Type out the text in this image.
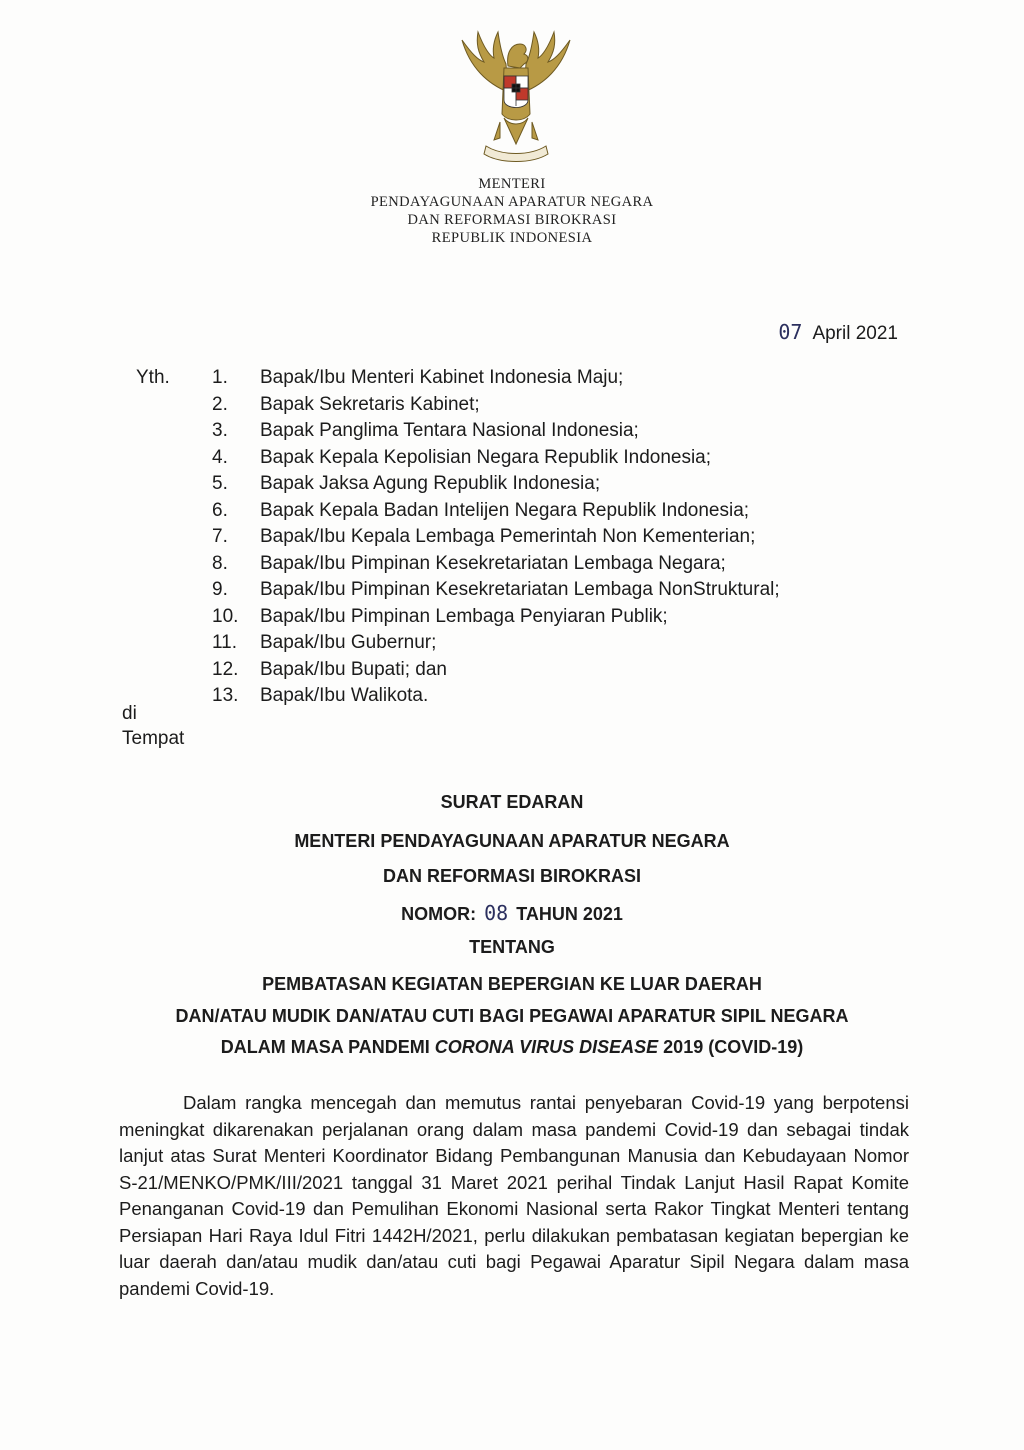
MENTERI
PENDAYAGUNAAN APARATUR NEGARA
DAN REFORMASI BIROKRASI
REPUBLIK INDONESIA
07 April 2021
Yth. 1.	Bapak/Ibu Menteri Kabinet Indonesia Maju;
2.	Bapak Sekretaris Kabinet;
3.	Bapak Panglima Tentara Nasional Indonesia;
4.	Bapak Kepala Kepolisian Negara Republik Indonesia;
5.	Bapak Jaksa Agung Republik Indonesia;
6.	Bapak Kepala Badan Intelijen Negara Republik Indonesia;
7.	Bapak/Ibu Kepala Lembaga Pemerintah Non Kementerian;
8.	Bapak/Ibu Pimpinan Kesekretariatan Lembaga Negara;
9.	Bapak/Ibu Pimpinan Kesekretariatan Lembaga NonStruktural;
10.	Bapak/Ibu Pimpinan Lembaga Penyiaran Publik;
11.	Bapak/Ibu Gubernur;
12.	Bapak/Ibu Bupati; dan
13.	Bapak/Ibu Walikota.
di
Tempat
SURAT EDARAN
MENTERI PENDAYAGUNAAN APARATUR NEGARA
DAN REFORMASI BIROKRASI
NOMOR: 08 TAHUN 2021
TENTANG
PEMBATASAN KEGIATAN BEPERGIAN KE LUAR DAERAH
DAN/ATAU MUDIK DAN/ATAU CUTI BAGI PEGAWAI APARATUR SIPIL NEGARA
DALAM MASA PANDEMI CORONA VIRUS DISEASE 2019 (COVID-19)

Dalam rangka mencegah dan memutus rantai penyebaran Covid-19 yang berpotensi meningkat dikarenakan perjalanan orang dalam masa pandemi Covid-19 dan sebagai tindak lanjut atas Surat Menteri Koordinator Bidang Pembangunan Manusia dan Kebudayaan Nomor S-21/MENKO/PMK/III/2021 tanggal 31 Maret 2021 perihal Tindak Lanjut Hasil Rapat Komite Penanganan Covid-19 dan Pemulihan Ekonomi Nasional serta Rakor Tingkat Menteri tentang Persiapan Hari Raya Idul Fitri 1442H/2021, perlu dilakukan pembatasan kegiatan bepergian ke luar daerah dan/atau mudik dan/atau cuti bagi Pegawai Aparatur Sipil Negara dalam masa pandemi Covid-19.
